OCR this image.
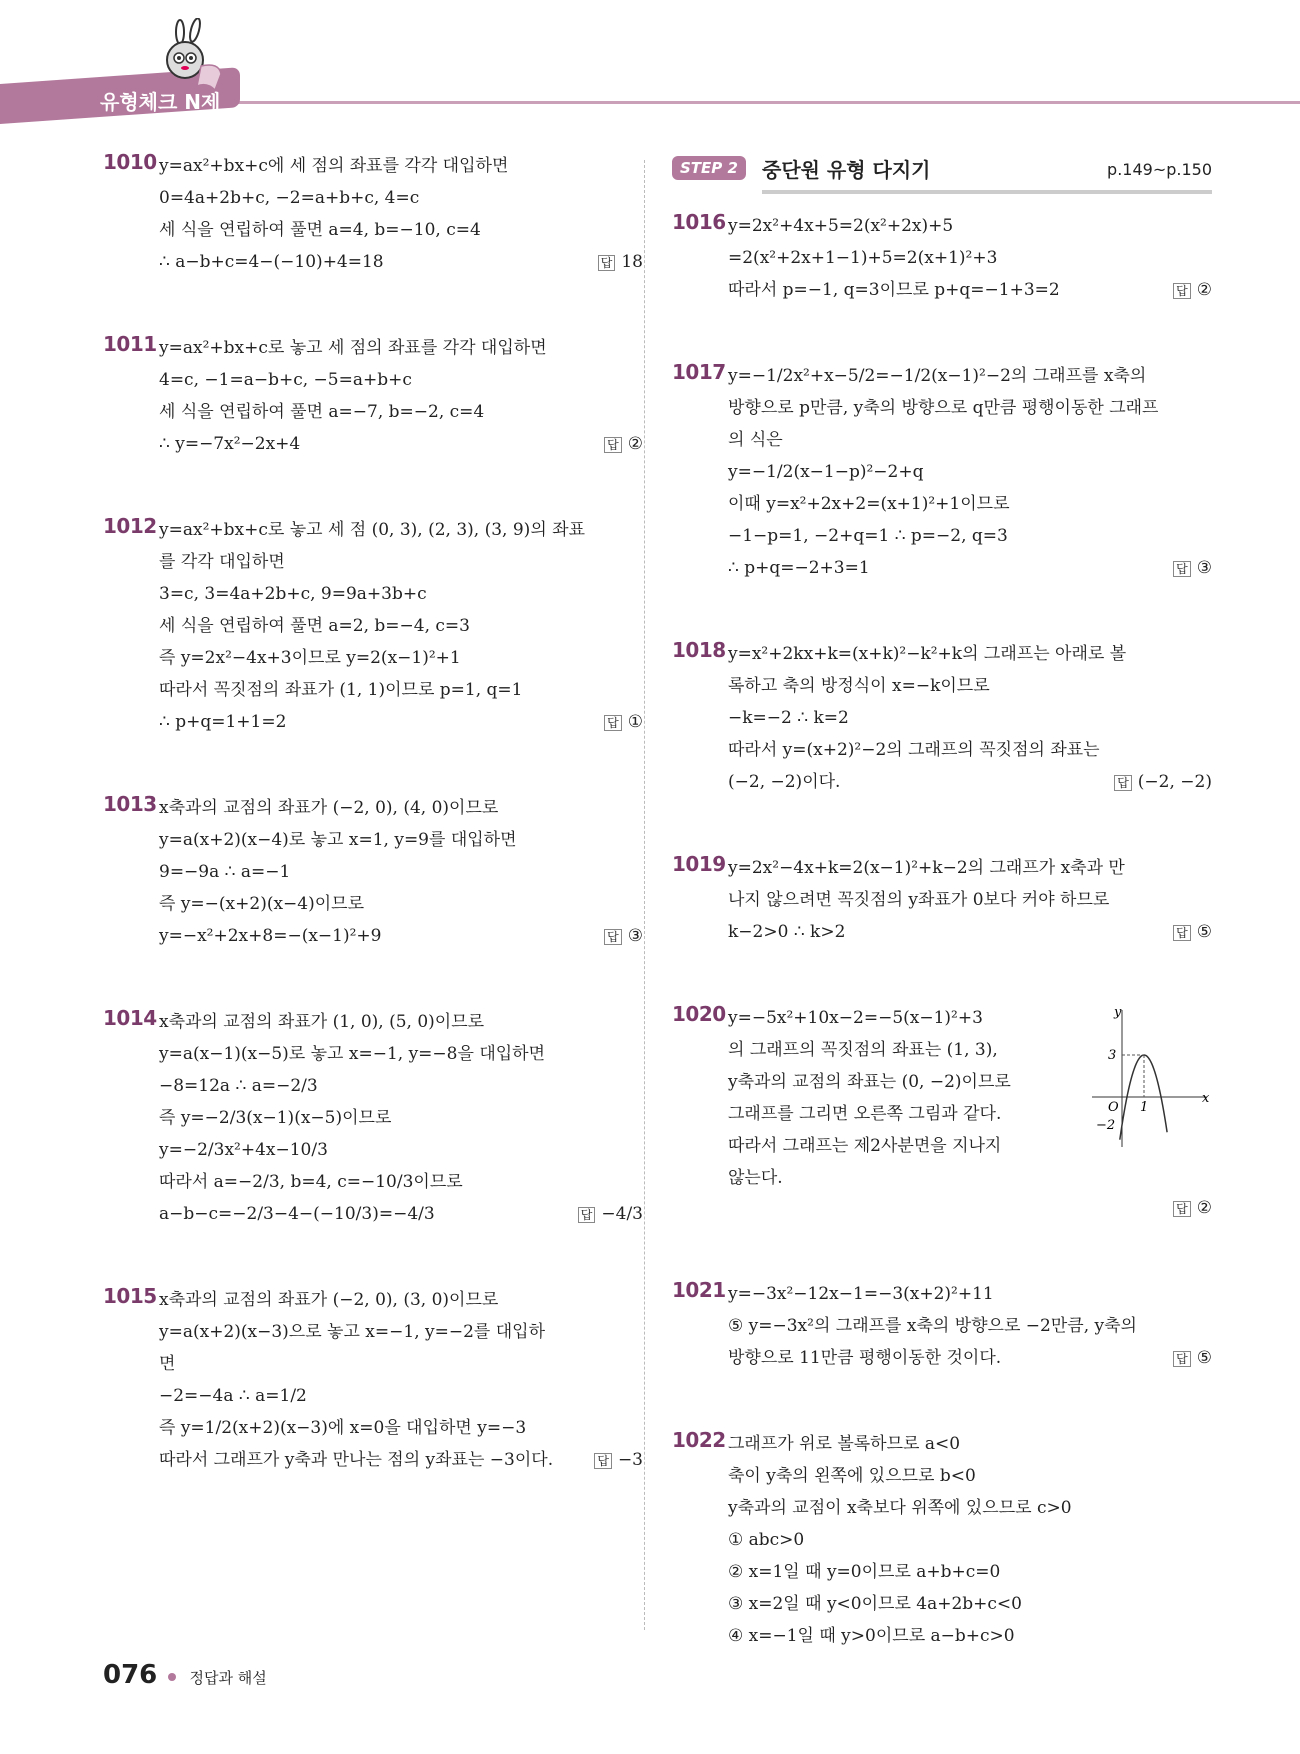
유형체크 N제
1010 y=ax²+bx+c에 세 점의 좌표를 각각 대입하면
0=4a+2b+c, −2=a+b+c, 4=c
세 식을 연립하여 풀면 a=4, b=−10, c=4
∴ a−b+c=4−(−10)+4=18	답 18
1011 y=ax²+bx+c로 놓고 세 점의 좌표를 각각 대입하면
4=c, −1=a−b+c, −5=a+b+c
세 식을 연립하여 풀면 a=−7, b=−2, c=4
∴ y=−7x²−2x+4	답 ②
1012 y=ax²+bx+c로 놓고 세 점 (0, 3), (2, 3), (3, 9)의 좌표
를 각각 대입하면
3=c, 3=4a+2b+c, 9=9a+3b+c
세 식을 연립하여 풀면 a=2, b=−4, c=3
즉 y=2x²−4x+3이므로 y=2(x−1)²+1
따라서 꼭짓점의 좌표가 (1, 1)이므로 p=1, q=1
∴ p+q=1+1=2	답 ①
1013 x축과의 교점의 좌표가 (−2, 0), (4, 0)이므로
y=a(x+2)(x−4)로 놓고 x=1, y=9를 대입하면
9=−9a ∴ a=−1
즉 y=−(x+2)(x−4)이므로
y=−x²+2x+8=−(x−1)²+9	답 ③
1014 x축과의 교점의 좌표가 (1, 0), (5, 0)이므로
y=a(x−1)(x−5)로 놓고 x=−1, y=−8을 대입하면
−8=12a ∴ a=−2/3
즉 y=−2/3(x−1)(x−5)이므로
y=−2/3x²+4x−10/3
따라서 a=−2/3, b=4, c=−10/3이므로
a−b−c=−2/3−4−(−10/3)=−4/3	답 −4/3
1015 x축과의 교점의 좌표가 (−2, 0), (3, 0)이므로
y=a(x+2)(x−3)으로 놓고 x=−1, y=−2를 대입하
면
−2=−4a ∴ a=1/2
즉 y=1/2(x+2)(x−3)에 x=0을 대입하면 y=−3
따라서 그래프가 y축과 만나는 점의 y좌표는 −3이다.	답 −3
STEP 2	중단원 유형 다지기	p.149~p.150
1016 y=2x²+4x+5=2(x²+2x)+5
=2(x²+2x+1−1)+5=2(x+1)²+3
따라서 p=−1, q=3이므로 p+q=−1+3=2	답 ②
1017 y=−1/2x²+x−5/2=−1/2(x−1)²−2의 그래프를 x축의
방향으로 p만큼, y축의 방향으로 q만큼 평행이동한 그래프
의 식은
y=−1/2(x−1−p)²−2+q
이때 y=x²+2x+2=(x+1)²+1이므로
−1−p=1, −2+q=1 ∴ p=−2, q=3
∴ p+q=−2+3=1	답 ③
1018 y=x²+2kx+k=(x+k)²−k²+k의 그래프는 아래로 볼
록하고 축의 방정식이 x=−k이므로
−k=−2 ∴ k=2
따라서 y=(x+2)²−2의 그래프의 꼭짓점의 좌표는
(−2, −2)이다.	답 (−2, −2)
1019 y=2x²−4x+k=2(x−1)²+k−2의 그래프가 x축과 만
나지 않으려면 꼭짓점의 y좌표가 0보다 커야 하므로
k−2>0 ∴ k>2	답 ⑤
1020 y=−5x²+10x−2=−5(x−1)²+3
의 그래프의 꼭짓점의 좌표는 (1, 3),
y축과의 교점의 좌표는 (0, −2)이므로
그래프를 그리면 오른쪽 그림과 같다.
따라서 그래프는 제2사분면을 지나지
않는다.
y
x
O 1
3
−2
답 ②
1021 y=−3x²−12x−1=−3(x+2)²+11
⑤ y=−3x²의 그래프를 x축의 방향으로 −2만큼, y축의
방향으로 11만큼 평행이동한 것이다.	답 ⑤
1022 그래프가 위로 볼록하므로 a<0
축이 y축의 왼쪽에 있으므로 b<0
y축과의 교점이 x축보다 위쪽에 있으므로 c>0
① abc>0
② x=1일 때 y=0이므로 a+b+c=0
③ x=2일 때 y<0이므로 4a+2b+c<0
④ x=−1일 때 y>0이므로 a−b+c>0
076 정답과 해설
